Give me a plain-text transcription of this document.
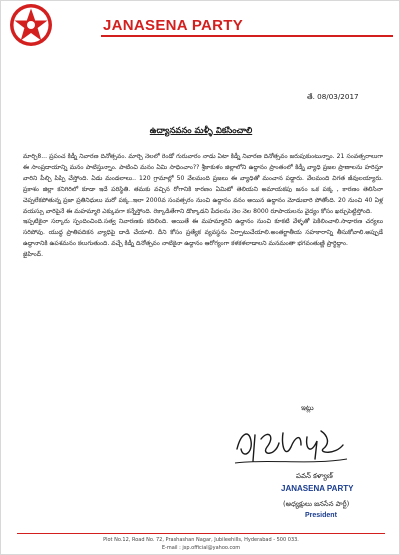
JANASENA PARTY
తే. 08/03/2017
ఉద్యానవనం మళ్ళీ వికసించాలి

మార్చి8... ప్రపంచ కిడ్నీ నివారణ దినోత్సవం. మార్చి నెలలో రెండో గురువారం నాడు ఏటా కిడ్నీ నివారణ దినోత్సవం జరుపుకుంటున్నాం. 21 సంవత్సరాలుగా ఈ సాంప్రదాయాన్ని మనం పాటిస్తున్నాం. పాటించి మనం ఏమి సాధించాం?? శ్రీకాకుళం జిల్లాలోని ఉద్దానం ప్రాంతంలో కిడ్నీ వ్యాధి ప్రజల ప్రాణాలను హరిస్తూ వారిని పీల్చి పిప్పి చేస్తోంది. ఏడు మండలాలు.. 120 గ్రామాల్లో 50 వేలమంది ప్రజలు ఈ వ్యాధితో మంచాన పడ్డారు. వేలమంది విగత జీవులయ్యారు. ప్రకాశం జిల్లా కనిగిరిలో కూడా ఇదే పరిస్థితి. తమకు వచ్చిన రోగానికి కారణం ఏమిటో తెలియని అమాయకపు జనం ఒక పక్క , కారణం తెలిసినా చెప్పలేకపోతున్న ప్రజా ప్రతినిధులు మరో పక్క..ఇలా 2000వ సంవత్సరం నుంచి ఉద్దానం వనం అయిన ఉద్దానం మోడుబారి పోతోంది. 20 నుంచి 40 ఏళ్ల వయస్సు వారిపైనే ఈ మహమ్మారి ఎక్కువగా కన్నేస్తోంది. రెక్కాడితేగాని డొక్కాడని పేదలను నెల నెల 8000 రూపాయలను వైద్యం కోసం ఖర్చుపెట్టిస్తోంది.

ఇప్పటికైనా సర్కారు స్పందించింది.సత్వ నివారణకు కదిలింది. అయితే ఈ మహమ్మారిని ఉద్దానం నుంచి కూకటి వేళ్ళతో పెకిలించాలి.సాధారణ చర్యలు సరిపోవు. యుద్ధ ప్రాతిపదికన వ్యాధిపై దాడి చేయాలి. దీని కోసం ప్రత్యేక వ్యవస్థను ఏర్పాటుచేయాలి.అంతర్జాతీయ సహకారాన్ని తీసుకోవాలి.అప్పుడే ఉద్దానానికి ఉపశమనం కలుగుతుంది. వచ్చే కిడ్నీ దినోత్సవం నాటికైనా ఉద్దానం ఆరోగ్యంగా కళకళలాడాలని మనమంతా భగవంతుణ్ణి ప్రార్థిద్దాం.

జైహింద్.

ఇట్లు
పవన్ కళ్యాణ్
JANASENA PARTY
(అధ్యక్షులు జనసేన పార్టీ)
President
Plot No.12, Road No. 72, Prashashan Nagar, Jubileehills, Hyderabad - 500 033.
E-mail : jsp.official@yahoo.com
